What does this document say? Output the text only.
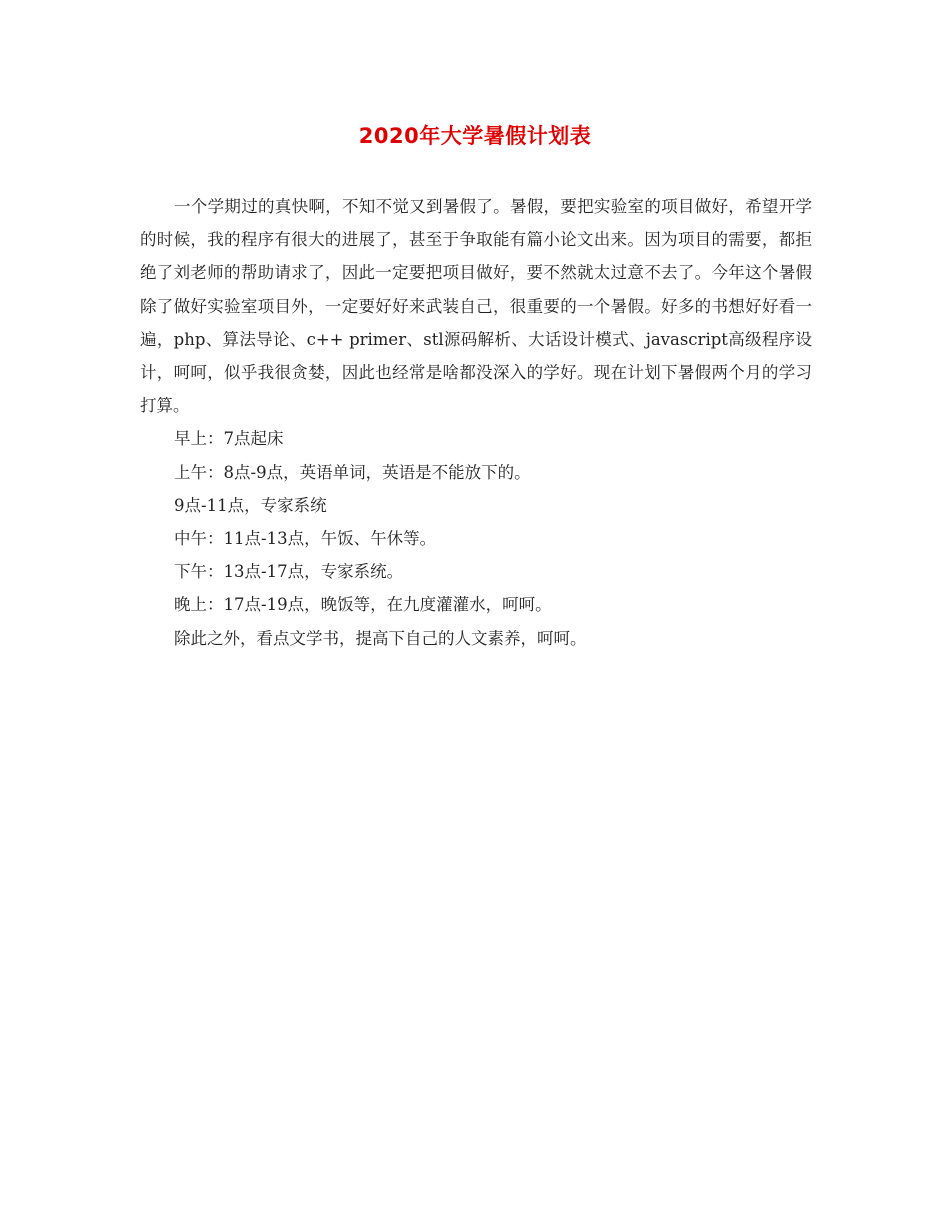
2020年大学暑假计划表

一个学期过的真快啊，不知不觉又到暑假了。暑假，要把实验室的项目做好，希望开学的时候，我的程序有很大的进展了，甚至于争取能有篇小论文出来。因为项目的需要，都拒绝了刘老师的帮助请求了，因此一定要把项目做好，要不然就太过意不去了。今年这个暑假除了做好实验室项目外，一定要好好来武装自己，很重要的一个暑假。好多的书想好好看一遍，php、算法导论、c++ primer、stl源码解析、大话设计模式、javascript高级程序设计，呵呵，似乎我很贪婪，因此也经常是啥都没深入的学好。现在计划下暑假两个月的学习打算。

早上：7点起床

上午：8点-9点，英语单词，英语是不能放下的。

9点-11点，专家系统

中午：11点-13点，午饭、午休等。

下午：13点-17点，专家系统。

晚上：17点-19点，晚饭等，在九度灌灌水，呵呵。

除此之外，看点文学书，提高下自己的人文素养，呵呵。
